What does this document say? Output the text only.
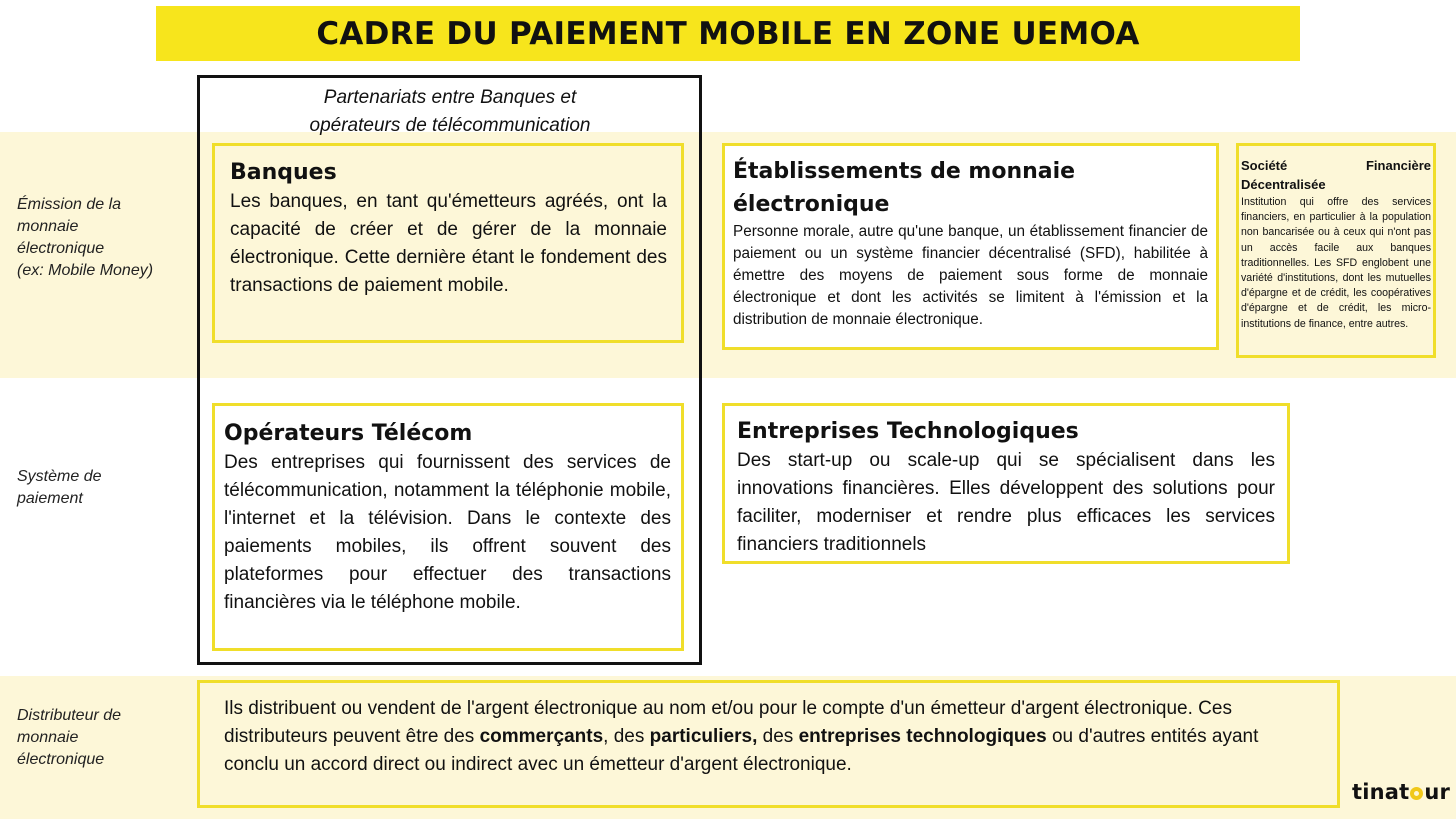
CADRE DU PAIEMENT MOBILE EN ZONE UEMOA
Émission de la
monnaie
électronique
(ex: Mobile Money)
Système de
paiement
Distributeur de
monnaie
électronique
Partenariats entre Banques et
opérateurs de télécommunication
Banques

Les banques, en tant qu'émetteurs agréés, ont la capacité de créer et de gérer de la monnaie électronique. Cette dernière étant le fondement des transactions de paiement mobile.

Opérateurs Télécom

Des entreprises qui fournissent des services de télécommunication, notamment la téléphonie mobile, l'internet et la télévision. Dans le contexte des paiements mobiles, ils offrent souvent des plateformes pour effectuer des transactions financières via le téléphone mobile.

Établissements de monnaie électronique

Personne morale, autre qu'une banque, un établissement financier de paiement ou un système financier décentralisé (SFD), habilitée à émettre des moyens de paiement sous forme de monnaie électronique et dont les activités se limitent à l'émission et la distribution de monnaie électronique.

Société Financière Décentralisée

Institution qui offre des services financiers, en particulier à la population non bancarisée ou à ceux qui n'ont pas un accès facile aux banques traditionnelles. Les SFD englobent une variété d'institutions, dont les mutuelles d'épargne et de crédit, les coopératives d'épargne et de crédit, les micro-institutions de finance, entre autres.

Entreprises Technologiques

Des start-up ou scale-up qui se spécialisent dans les innovations financières. Elles développent des solutions pour faciliter, moderniser et rendre plus efficaces les services financiers traditionnels

Ils distribuent ou vendent de l'argent électronique au nom et/ou pour le compte d'un émetteur d'argent électronique. Ces distributeurs peuvent être des commerçants, des particuliers, des entreprises technologiques ou d'autres entités ayant conclu un accord direct ou indirect avec un émetteur d'argent électronique.

tinat ur
